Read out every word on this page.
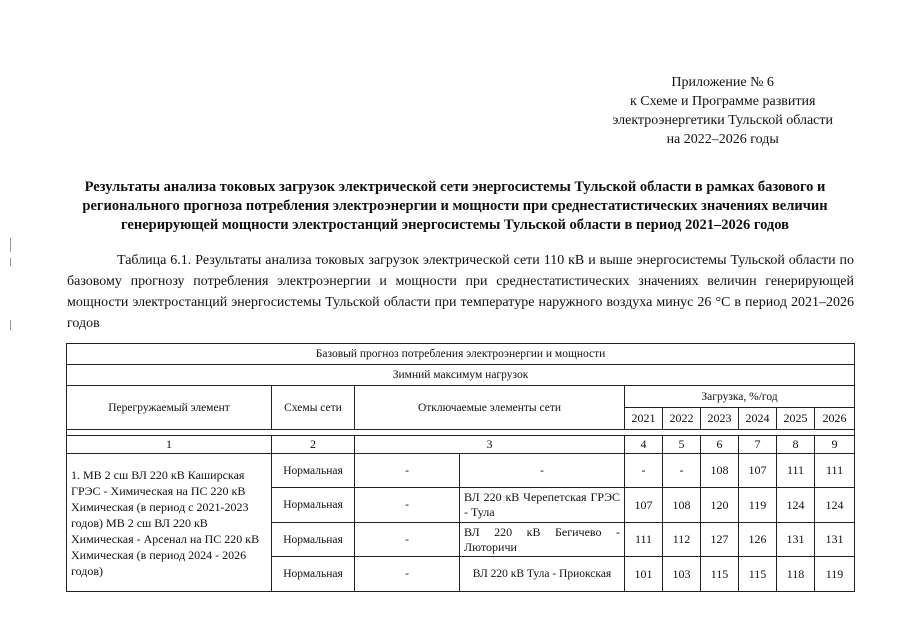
Приложение № 6
к Схеме и Программе развития
электроэнергетики Тульской области
на 2022–2026 годы
Результаты анализа токовых загрузок электрической сети энергосистемы Тульской области в рамках базового и регионального прогноза потребления электроэнергии и мощности при среднестатистических значениях величин генерирующей мощности электростанций энергосистемы Тульской области в период 2021–2026 годов
Таблица 6.1. Результаты анализа токовых загрузок электрической сети 110 кВ и выше энергосистемы Тульской области по базовому прогнозу потребления электроэнергии и мощности при среднестатистических значениях величин генерирующей мощности электростанций энергосистемы Тульской области при температуре наружного воздуха минус 26 °С в период 2021–2026 годов
Базовый прогноз потребления электроэнергии и мощности									
Зимний максимум нагрузок									
Перегружаемый элемент	Схемы сети	Отключаемые элементы сети		Загрузка, %/год					
				2021	2022	2023	2024	2025	2026

1	2	3		4	5	6	7	8	9
1. МВ 2 сш ВЛ 220 кВ Каширская ГРЭС - Химическая на ПС 220 кВ Химическая (в период с 2021-2023 годов) МВ 2 сш ВЛ 220 кВ Химическая - Арсенал на ПС 220 кВ Химическая (в период 2024 - 2026 годов)	Нормальная	-	-	-	-	108	107	111	111
	Нормальная	-	ВЛ 220 кВ Черепетская ГРЭС - Тула	107	108	120	119	124	124
	Нормальная	-	ВЛ 220 кВ Бегичево - Лютоpичи	111	112	127	126	131	131
	Нормальная	-	ВЛ 220 кВ Тула - Приокская	101	103	115	115	118	119
